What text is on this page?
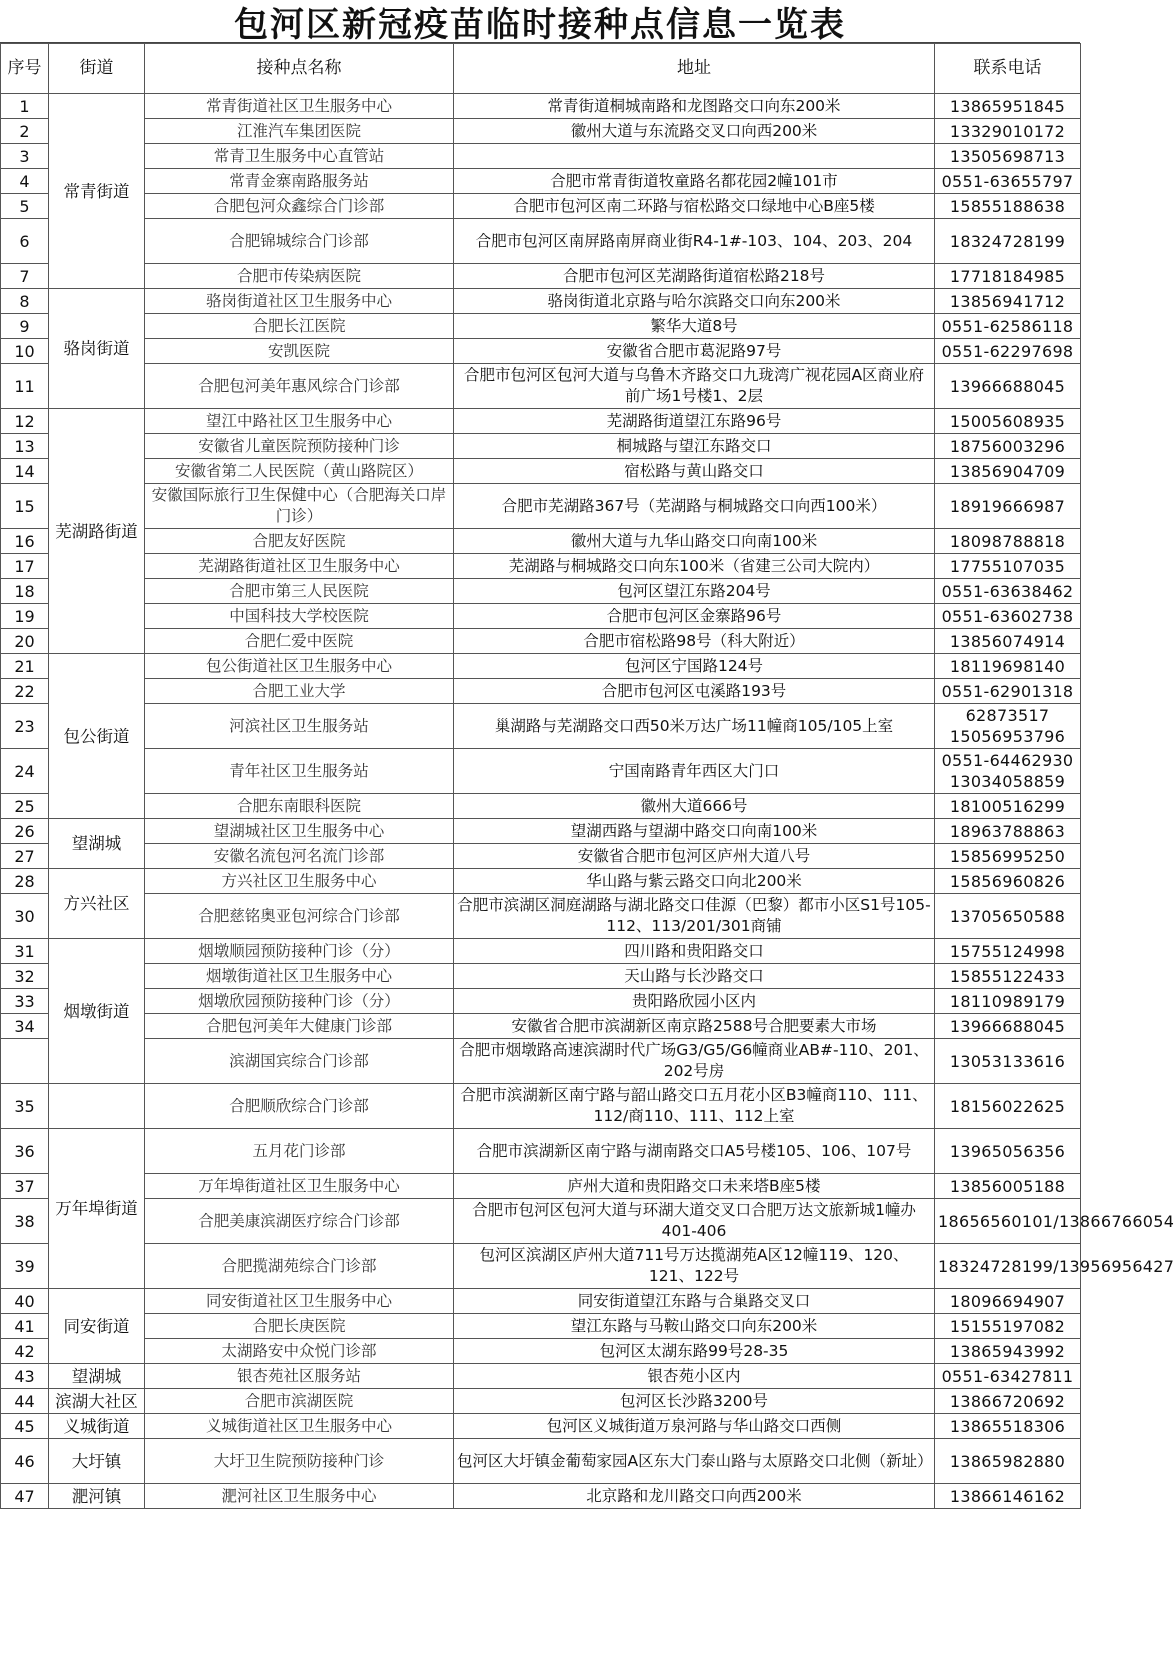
包河区新冠疫苗临时接种点信息一览表
序号	街道	接种点名称	地址	联系电话
1	常青街道	常青街道社区卫生服务中心	常青街道桐城南路和龙图路交口向东200米	13865951845
2		江淮汽车集团医院	徽州大道与东流路交叉口向西200米	13329010172
3		常青卫生服务中心直管站		13505698713
4		常青金寨南路服务站	合肥市常青街道牧童路名都花园2幢101市	0551-63655797
5		合肥包河众鑫综合门诊部	合肥市包河区南二环路与宿松路交口绿地中心B座5楼	15855188638
6		合肥锦城综合门诊部	合肥市包河区南屏路南屏商业街R4-1#-103、104、203、204	18324728199
7		合肥市传染病医院	合肥市包河区芜湖路街道宿松路218号	17718184985
8	骆岗街道	骆岗街道社区卫生服务中心	骆岗街道北京路与哈尔滨路交口向东200米	13856941712
9		合肥长江医院	繁华大道8号	0551-62586118
10		安凯医院	安徽省合肥市葛泥路97号	0551-62297698
11		合肥包河美年惠风综合门诊部	合肥市包河区包河大道与乌鲁木齐路交口九珑湾广视花园A区商业府前广场1号楼1、2层	13966688045
12	芜湖路街道	望江中路社区卫生服务中心	芜湖路街道望江东路96号	15005608935
13		安徽省儿童医院预防接种门诊	桐城路与望江东路交口	18756003296
14		安徽省第二人民医院（黄山路院区）	宿松路与黄山路交口	13856904709
15		安徽国际旅行卫生保健中心（合肥海关口岸门诊）	合肥市芜湖路367号（芜湖路与桐城路交口向西100米）	18919666987
16		合肥友好医院	徽州大道与九华山路交口向南100米	18098788818
17		芜湖路街道社区卫生服务中心	芜湖路与桐城路交口向东100米（省建三公司大院内）	17755107035
18		合肥市第三人民医院	包河区望江东路204号	0551-63638462
19		中国科技大学校医院	合肥市包河区金寨路96号	0551-63602738
20		合肥仁爱中医院	合肥市宿松路98号（科大附近）	13856074914
21	包公街道	包公街道社区卫生服务中心	包河区宁国路124号	18119698140
22		合肥工业大学	合肥市包河区屯溪路193号	0551-62901318
23		河滨社区卫生服务站	巢湖路与芜湖路交口西50米万达广场11幢商105/105上室	62873517 15056953796
24		青年社区卫生服务站	宁国南路青年西区大门口	0551-64462930 13034058859
25		合肥东南眼科医院	徽州大道666号	18100516299
26	望湖城	望湖城社区卫生服务中心	望湖西路与望湖中路交口向南100米	18963788863
27		安徽名流包河名流门诊部	安徽省合肥市包河区庐州大道八号	15856995250
28	方兴社区	方兴社区卫生服务中心	华山路与紫云路交口向北200米	15856960826
30		合肥慈铭奥亚包河综合门诊部	合肥市滨湖区洞庭湖路与湖北路交口佳源（巴黎）都市小区S1号105-112、113/201/301商铺	13705650588
31	烟墩街道	烟墩顺园预防接种门诊（分）	四川路和贵阳路交口	15755124998
32		烟墩街道社区卫生服务中心	天山路与长沙路交口	15855122433
33		烟墩欣园预防接种门诊（分）	贵阳路欣园小区内	18110989179
34		合肥包河美年大健康门诊部	安徽省合肥市滨湖新区南京路2588号合肥要素大市场	13966688045
		滨湖国宾综合门诊部	合肥市烟墩路高速滨湖时代广场G3/G5/G6幢商业AB#-110、201、202号房	13053133616
35		合肥顺欣综合门诊部	合肥市滨湖新区南宁路与韶山路交口五月花小区B3幢商110、111、112/商110、111、112上室	18156022625
36	万年埠街道	五月花门诊部	合肥市滨湖新区南宁路与湖南路交口A5号楼105、106、107号	13965056356
37		万年埠街道社区卫生服务中心	庐州大道和贵阳路交口未来塔B座5楼	13856005188
38		合肥美康滨湖医疗综合门诊部	合肥市包河区包河大道与环湖大道交叉口合肥万达文旅新城1幢办401-406	18656560101/13866766054
39		合肥揽湖苑综合门诊部	包河区滨湖区庐州大道711号万达揽湖苑A区12幢119、120、121、122号	18324728199/13956956427
40	同安街道	同安街道社区卫生服务中心	同安街道望江东路与合巢路交叉口	18096694907
41		合肥长庚医院	望江东路与马鞍山路交口向东200米	15155197082
42		太湖路安中众悦门诊部	包河区太湖东路99号28-35	13865943992
43	望湖城	银杏苑社区服务站	银杏苑小区内	0551-63427811
44	滨湖大社区	合肥市滨湖医院	包河区长沙路3200号	13866720692
45	义城街道	义城街道社区卫生服务中心	包河区义城街道万泉河路与华山路交口西侧	13865518306
46	大圩镇	大圩卫生院预防接种门诊	包河区大圩镇金葡萄家园A区东大门泰山路与太原路交口北侧（新址）	13865982880
47	淝河镇	淝河社区卫生服务中心	北京路和龙川路交口向西200米	13866146162
